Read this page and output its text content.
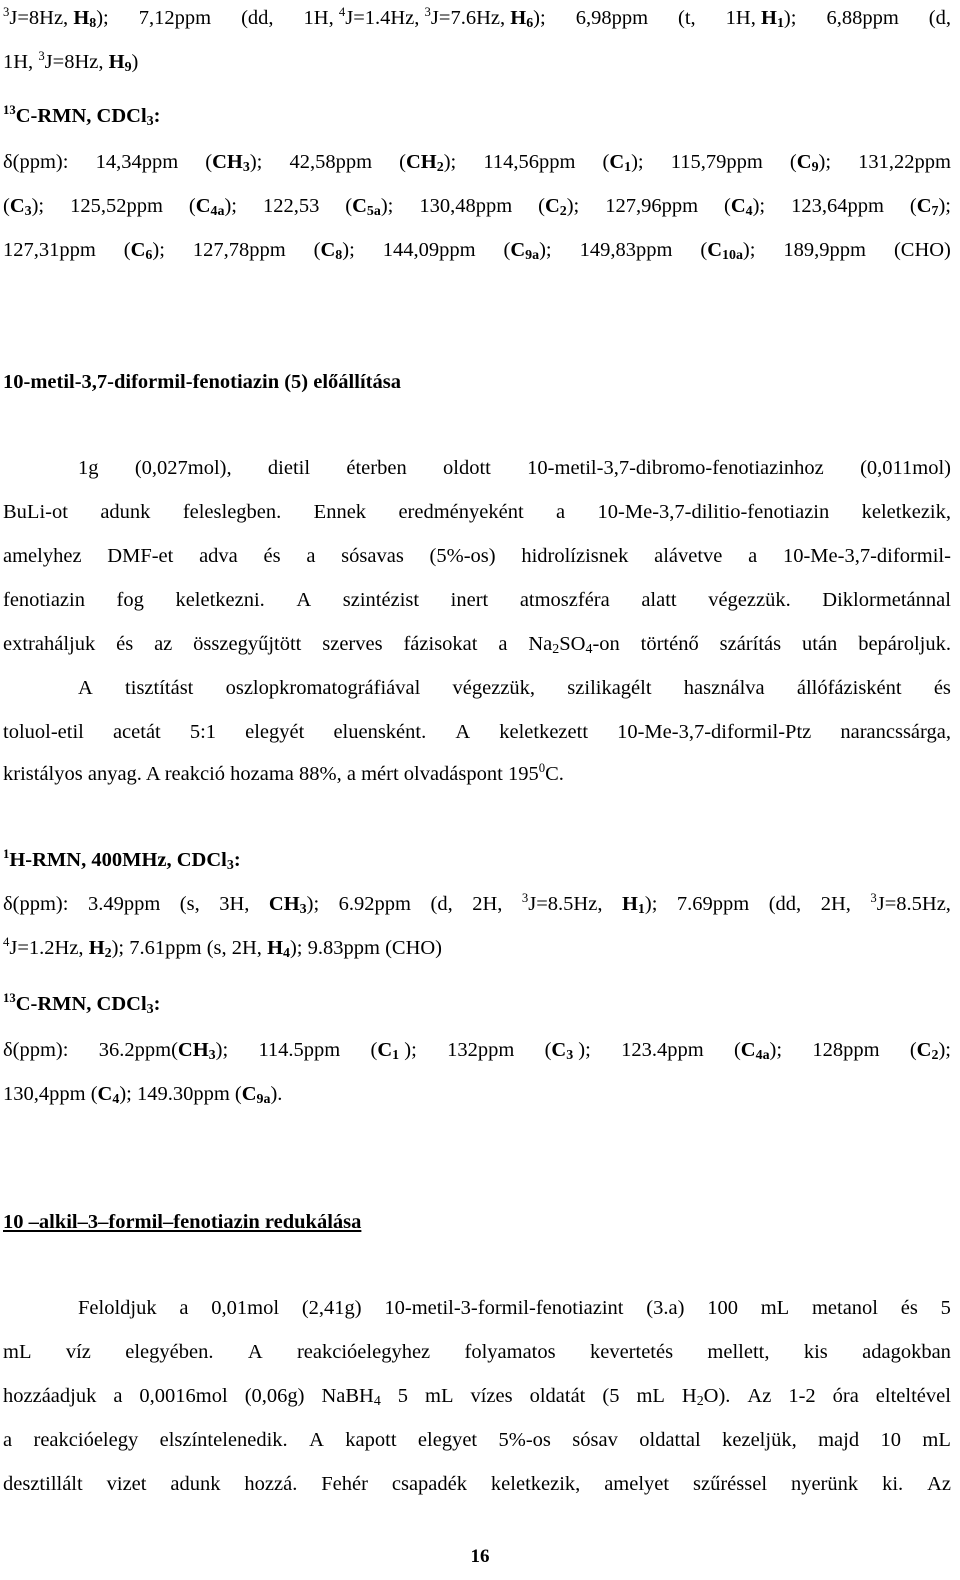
$^3$J=8Hz, $H_8$); 7,12ppm (dd, 1H, $^4$J=1.4Hz, $^3$J=7.6Hz, $H_6$); 6,98ppm (t, 1H, $H_1$); 6,88ppm (d,
1H, $^3$J=8Hz, $H_9$)
$^{13}$C-RMN, CDCl$_3$:
δ(ppm): 14,34ppm $(CH_3)$; 42,58ppm $(CH_2)$; 114,56ppm $(C_1)$; 115,79ppm $(C_9)$; 131,22ppm
$(C_3)$; 125,52ppm $(C_{4a})$; 122,53 $(C_{5a})$; 130,48ppm $(C_2)$; 127,96ppm $(C_4)$; 123,64ppm $(C_7)$;
127,31ppm $(C_6)$; 127,78ppm $(C_8)$; 144,09ppm $(C_{9a})$; 149,83ppm $(C_{10a})$; 189,9ppm (CHO)
10-metil-3,7-diformil-fenotiazin (5) előállítása
1g (0,027mol), dietil éterben oldott 10-metil-3,7-dibromo-fenotiazinhoz (0,011mol)
BuLi-ot adunk feleslegben. Ennek eredményeként a 10-Me-3,7-dilitio-fenotiazin keletkezik,
amelyhez DMF-et adva és a sósavas (5%-os) hidrolízisnek alávetve a 10-Me-3,7-diformil-
fenotiazin fog keletkezni. A szintézist inert atmoszféra alatt végezzük. Diklormetánnal
extraháljuk és az összegyűjtött szerves fázisokat a $Na_2SO_4-on$ történő szárítás után bepároljuk.
A tisztítást oszlopkromatográfiával végezzük, szilikagélt használva állófázisként és
toluol-etil acetát 5:1 elegyét eluensként. A keletkezett 10-Me-3,7-diformil-Ptz narancssárga,
kristályos anyag. A reakció hozama 88%, a mért olvadáspont $195^0C$.
$^1$H-RMN, 400MHz, CDCl$_3$:
δ(ppm): 3.49ppm (s, 3H, $CH_3$); 6.92ppm (d, 2H, $^3$J=8.5Hz, $H_1$); 7.69ppm (dd, 2H, $^3$J=8.5Hz,
$^4$J=1.2Hz, $H_2$); 7.61ppm (s, 2H, $H_4$); 9.83ppm (CHO)
$^{13}$C-RMN, CDCl$_3$:
δ(ppm): $36.2ppm(CH_3)$; 114.5ppm ($C_1$ ); 132ppm ($C_3$ ); 123.4ppm $(C_{4a})$; 128ppm $(C_2)$;
130,4ppm $(C_4)$; 149.30ppm $(C_{9a})$.
10 –alkil–3–formil–fenotiazin redukálása
Feloldjuk a 0,01mol (2,41g) 10-metil-3-formil-fenotiazint (3.a) 100 mL metanol és 5
mL víz elegyében. A reakcióelegyhez folyamatos kevertetés mellett, kis adagokban
hozzáadjuk a 0,0016mol (0,06g) NaBH$_4$ 5 mL vízes oldatát (5 mL $H_2O$). Az 1-2 óra elteltével
a reakcióelegy elszíntelenedik. A kapott elegyet 5%-os sósav oldattal kezeljük, majd 10 mL
desztillált vizet adunk hozzá. Fehér csapadék keletkezik, amelyet szűréssel nyerünk ki. Az
16
